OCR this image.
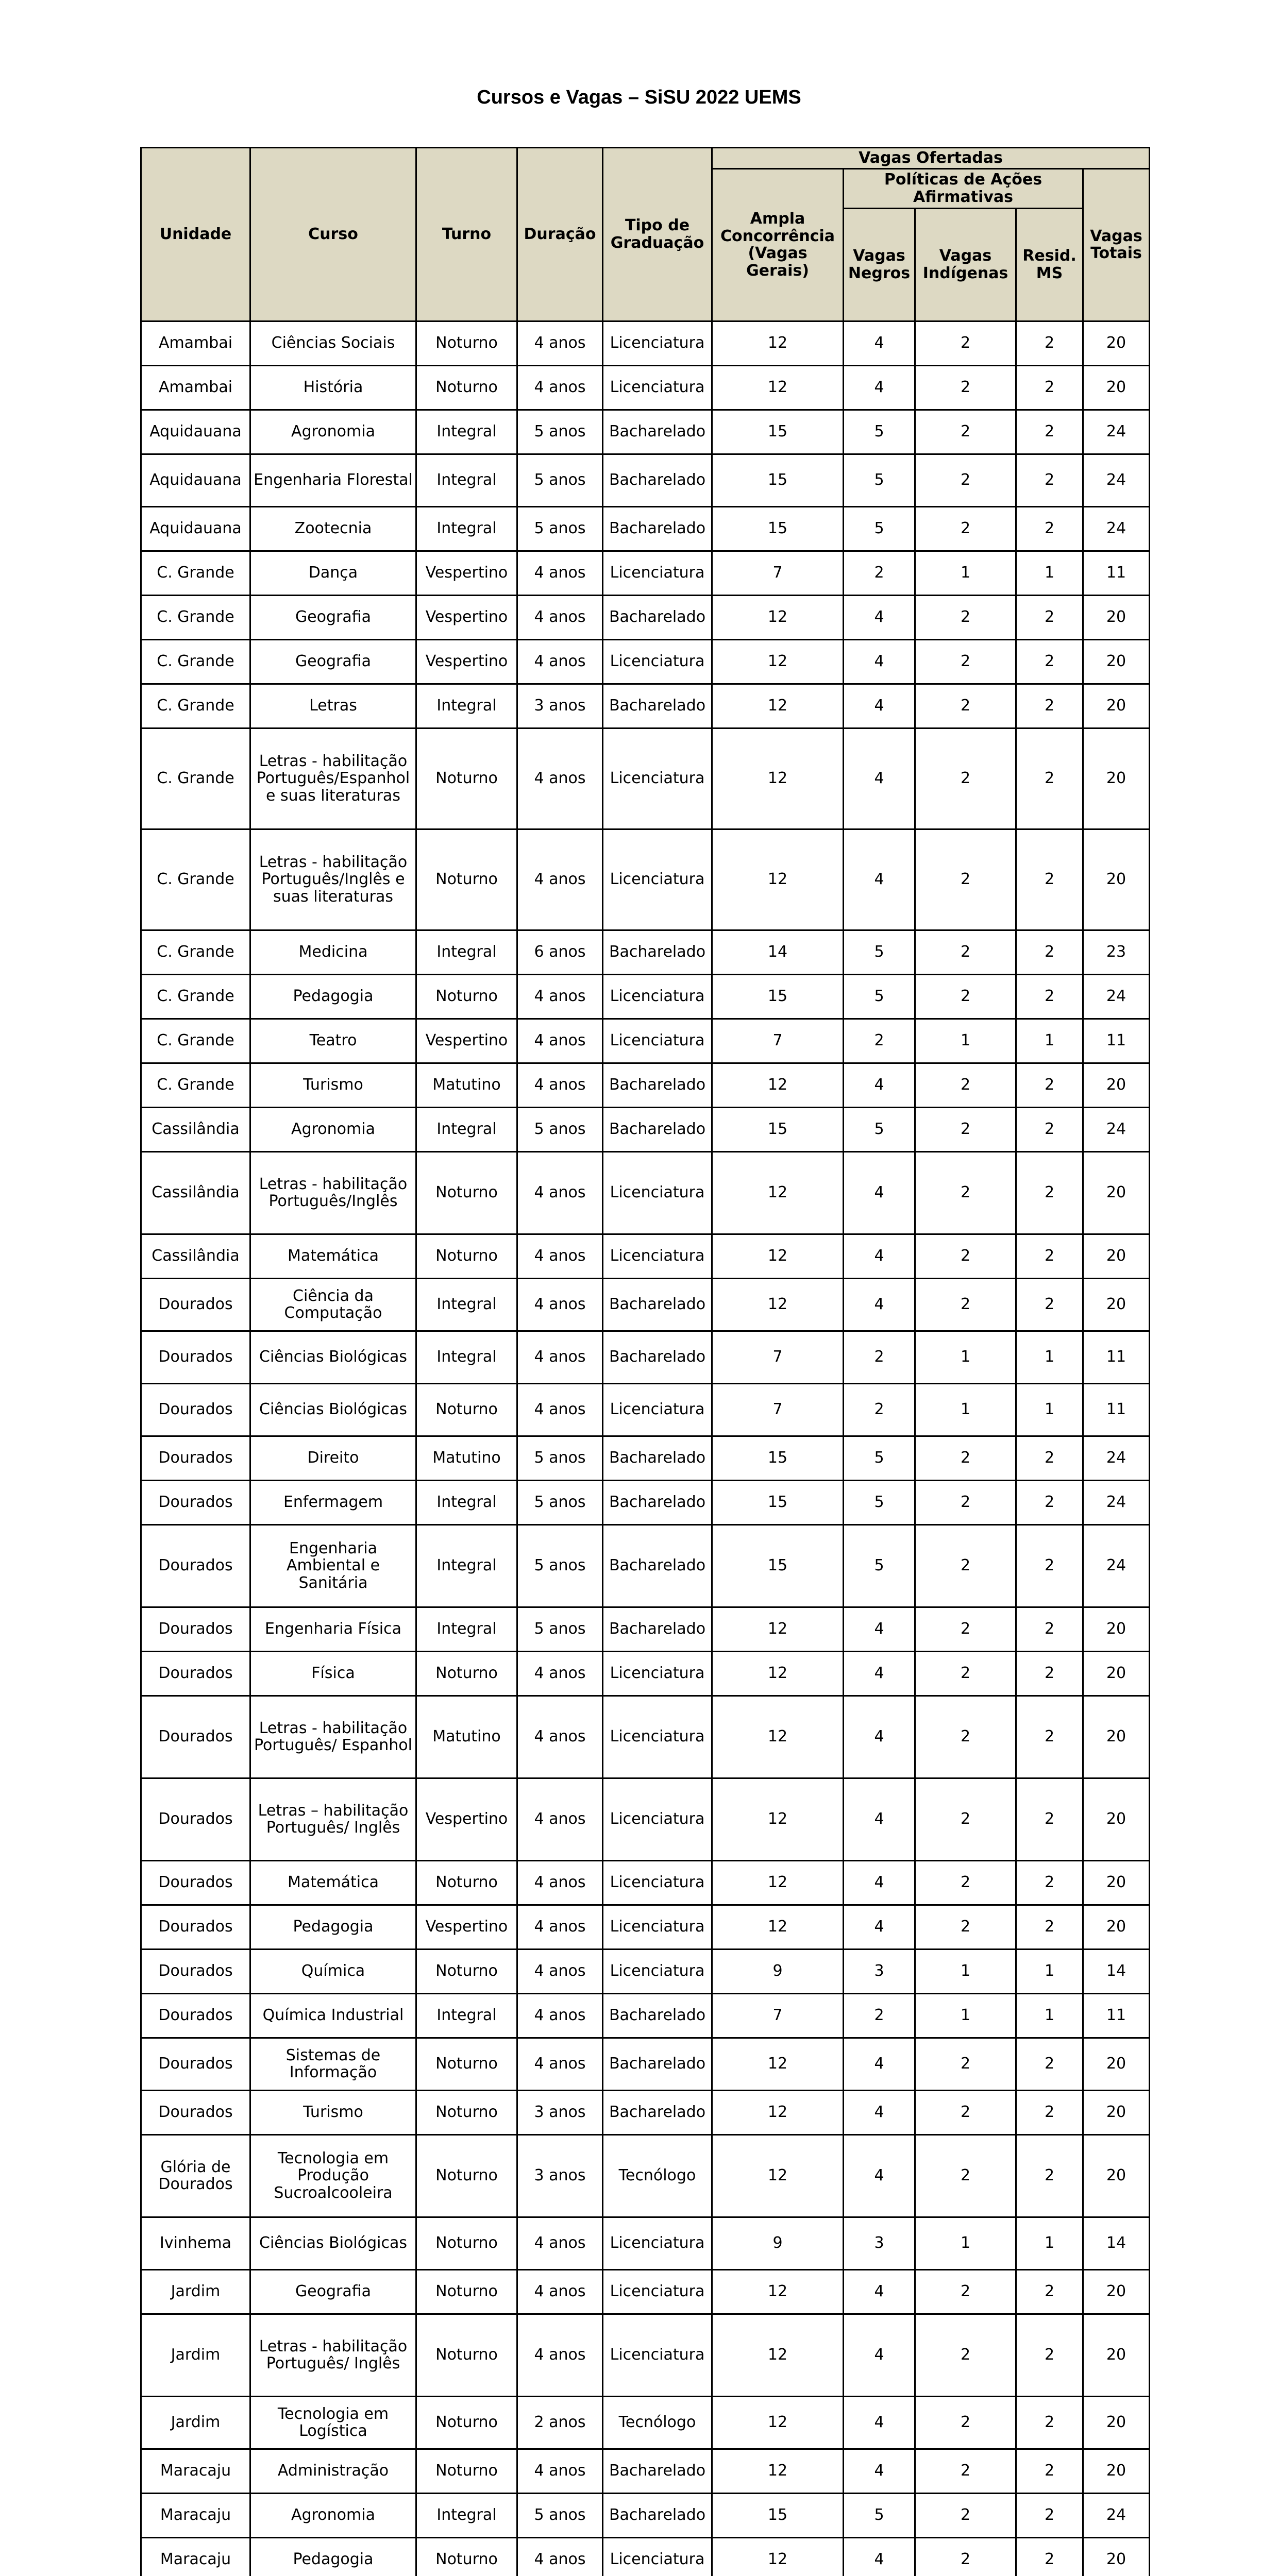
Cursos e Vagas – SiSU 2022 UEMS
Unidade	Curso	Turno	Duração	Tipo de Graduação	Vagas Ofertadas				
					Ampla Concorrência (Vagas Gerais)	Políticas de Ações Afirmativas			Vagas Totais
						Vagas Negros	Vagas Indígenas	Resid. MS	
Amambai	Ciências Sociais	Noturno	4 anos	Licenciatura	12	4	2	2	20
Amambai	História	Noturno	4 anos	Licenciatura	12	4	2	2	20
Aquidauana	Agronomia	Integral	5 anos	Bacharelado	15	5	2	2	24
Aquidauana	Engenharia Florestal	Integral	5 anos	Bacharelado	15	5	2	2	24
Aquidauana	Zootecnia	Integral	5 anos	Bacharelado	15	5	2	2	24
C. Grande	Dança	Vespertino	4 anos	Licenciatura	7	2	1	1	11
C. Grande	Geografia	Vespertino	4 anos	Bacharelado	12	4	2	2	20
C. Grande	Geografia	Vespertino	4 anos	Licenciatura	12	4	2	2	20
C. Grande	Letras	Integral	3 anos	Bacharelado	12	4	2	2	20
C. Grande	Letras - habilitação Português/Espanhol e suas literaturas	Noturno	4 anos	Licenciatura	12	4	2	2	20
C. Grande	Letras - habilitação Português/Inglês e suas literaturas	Noturno	4 anos	Licenciatura	12	4	2	2	20
C. Grande	Medicina	Integral	6 anos	Bacharelado	14	5	2	2	23
C. Grande	Pedagogia	Noturno	4 anos	Licenciatura	15	5	2	2	24
C. Grande	Teatro	Vespertino	4 anos	Licenciatura	7	2	1	1	11
C. Grande	Turismo	Matutino	4 anos	Bacharelado	12	4	2	2	20
Cassilândia	Agronomia	Integral	5 anos	Bacharelado	15	5	2	2	24
Cassilândia	Letras - habilitação Português/Inglês	Noturno	4 anos	Licenciatura	12	4	2	2	20
Cassilândia	Matemática	Noturno	4 anos	Licenciatura	12	4	2	2	20
Dourados	Ciência da Computação	Integral	4 anos	Bacharelado	12	4	2	2	20
Dourados	Ciências Biológicas	Integral	4 anos	Bacharelado	7	2	1	1	11
Dourados	Ciências Biológicas	Noturno	4 anos	Licenciatura	7	2	1	1	11
Dourados	Direito	Matutino	5 anos	Bacharelado	15	5	2	2	24
Dourados	Enfermagem	Integral	5 anos	Bacharelado	15	5	2	2	24
Dourados	Engenharia Ambiental e Sanitária	Integral	5 anos	Bacharelado	15	5	2	2	24
Dourados	Engenharia Física	Integral	5 anos	Bacharelado	12	4	2	2	20
Dourados	Física	Noturno	4 anos	Licenciatura	12	4	2	2	20
Dourados	Letras - habilitação Português/ Espanhol	Matutino	4 anos	Licenciatura	12	4	2	2	20
Dourados	Letras – habilitação Português/ Inglês	Vespertino	4 anos	Licenciatura	12	4	2	2	20
Dourados	Matemática	Noturno	4 anos	Licenciatura	12	4	2	2	20
Dourados	Pedagogia	Vespertino	4 anos	Licenciatura	12	4	2	2	20
Dourados	Química	Noturno	4 anos	Licenciatura	9	3	1	1	14
Dourados	Química Industrial	Integral	4 anos	Bacharelado	7	2	1	1	11
Dourados	Sistemas de Informação	Noturno	4 anos	Bacharelado	12	4	2	2	20
Dourados	Turismo	Noturno	3 anos	Bacharelado	12	4	2	2	20
Glória de Dourados	Tecnologia em Produção Sucroalcooleira	Noturno	3 anos	Tecnólogo	12	4	2	2	20
Ivinhema	Ciências Biológicas	Noturno	4 anos	Licenciatura	9	3	1	1	14
Jardim	Geografia	Noturno	4 anos	Licenciatura	12	4	2	2	20
Jardim	Letras - habilitação Português/ Inglês	Noturno	4 anos	Licenciatura	12	4	2	2	20
Jardim	Tecnologia em Logística	Noturno	2 anos	Tecnólogo	12	4	2	2	20
Maracaju	Administração	Noturno	4 anos	Bacharelado	12	4	2	2	20
Maracaju	Agronomia	Integral	5 anos	Bacharelado	15	5	2	2	24
Maracaju	Pedagogia	Noturno	4 anos	Licenciatura	12	4	2	2	20
